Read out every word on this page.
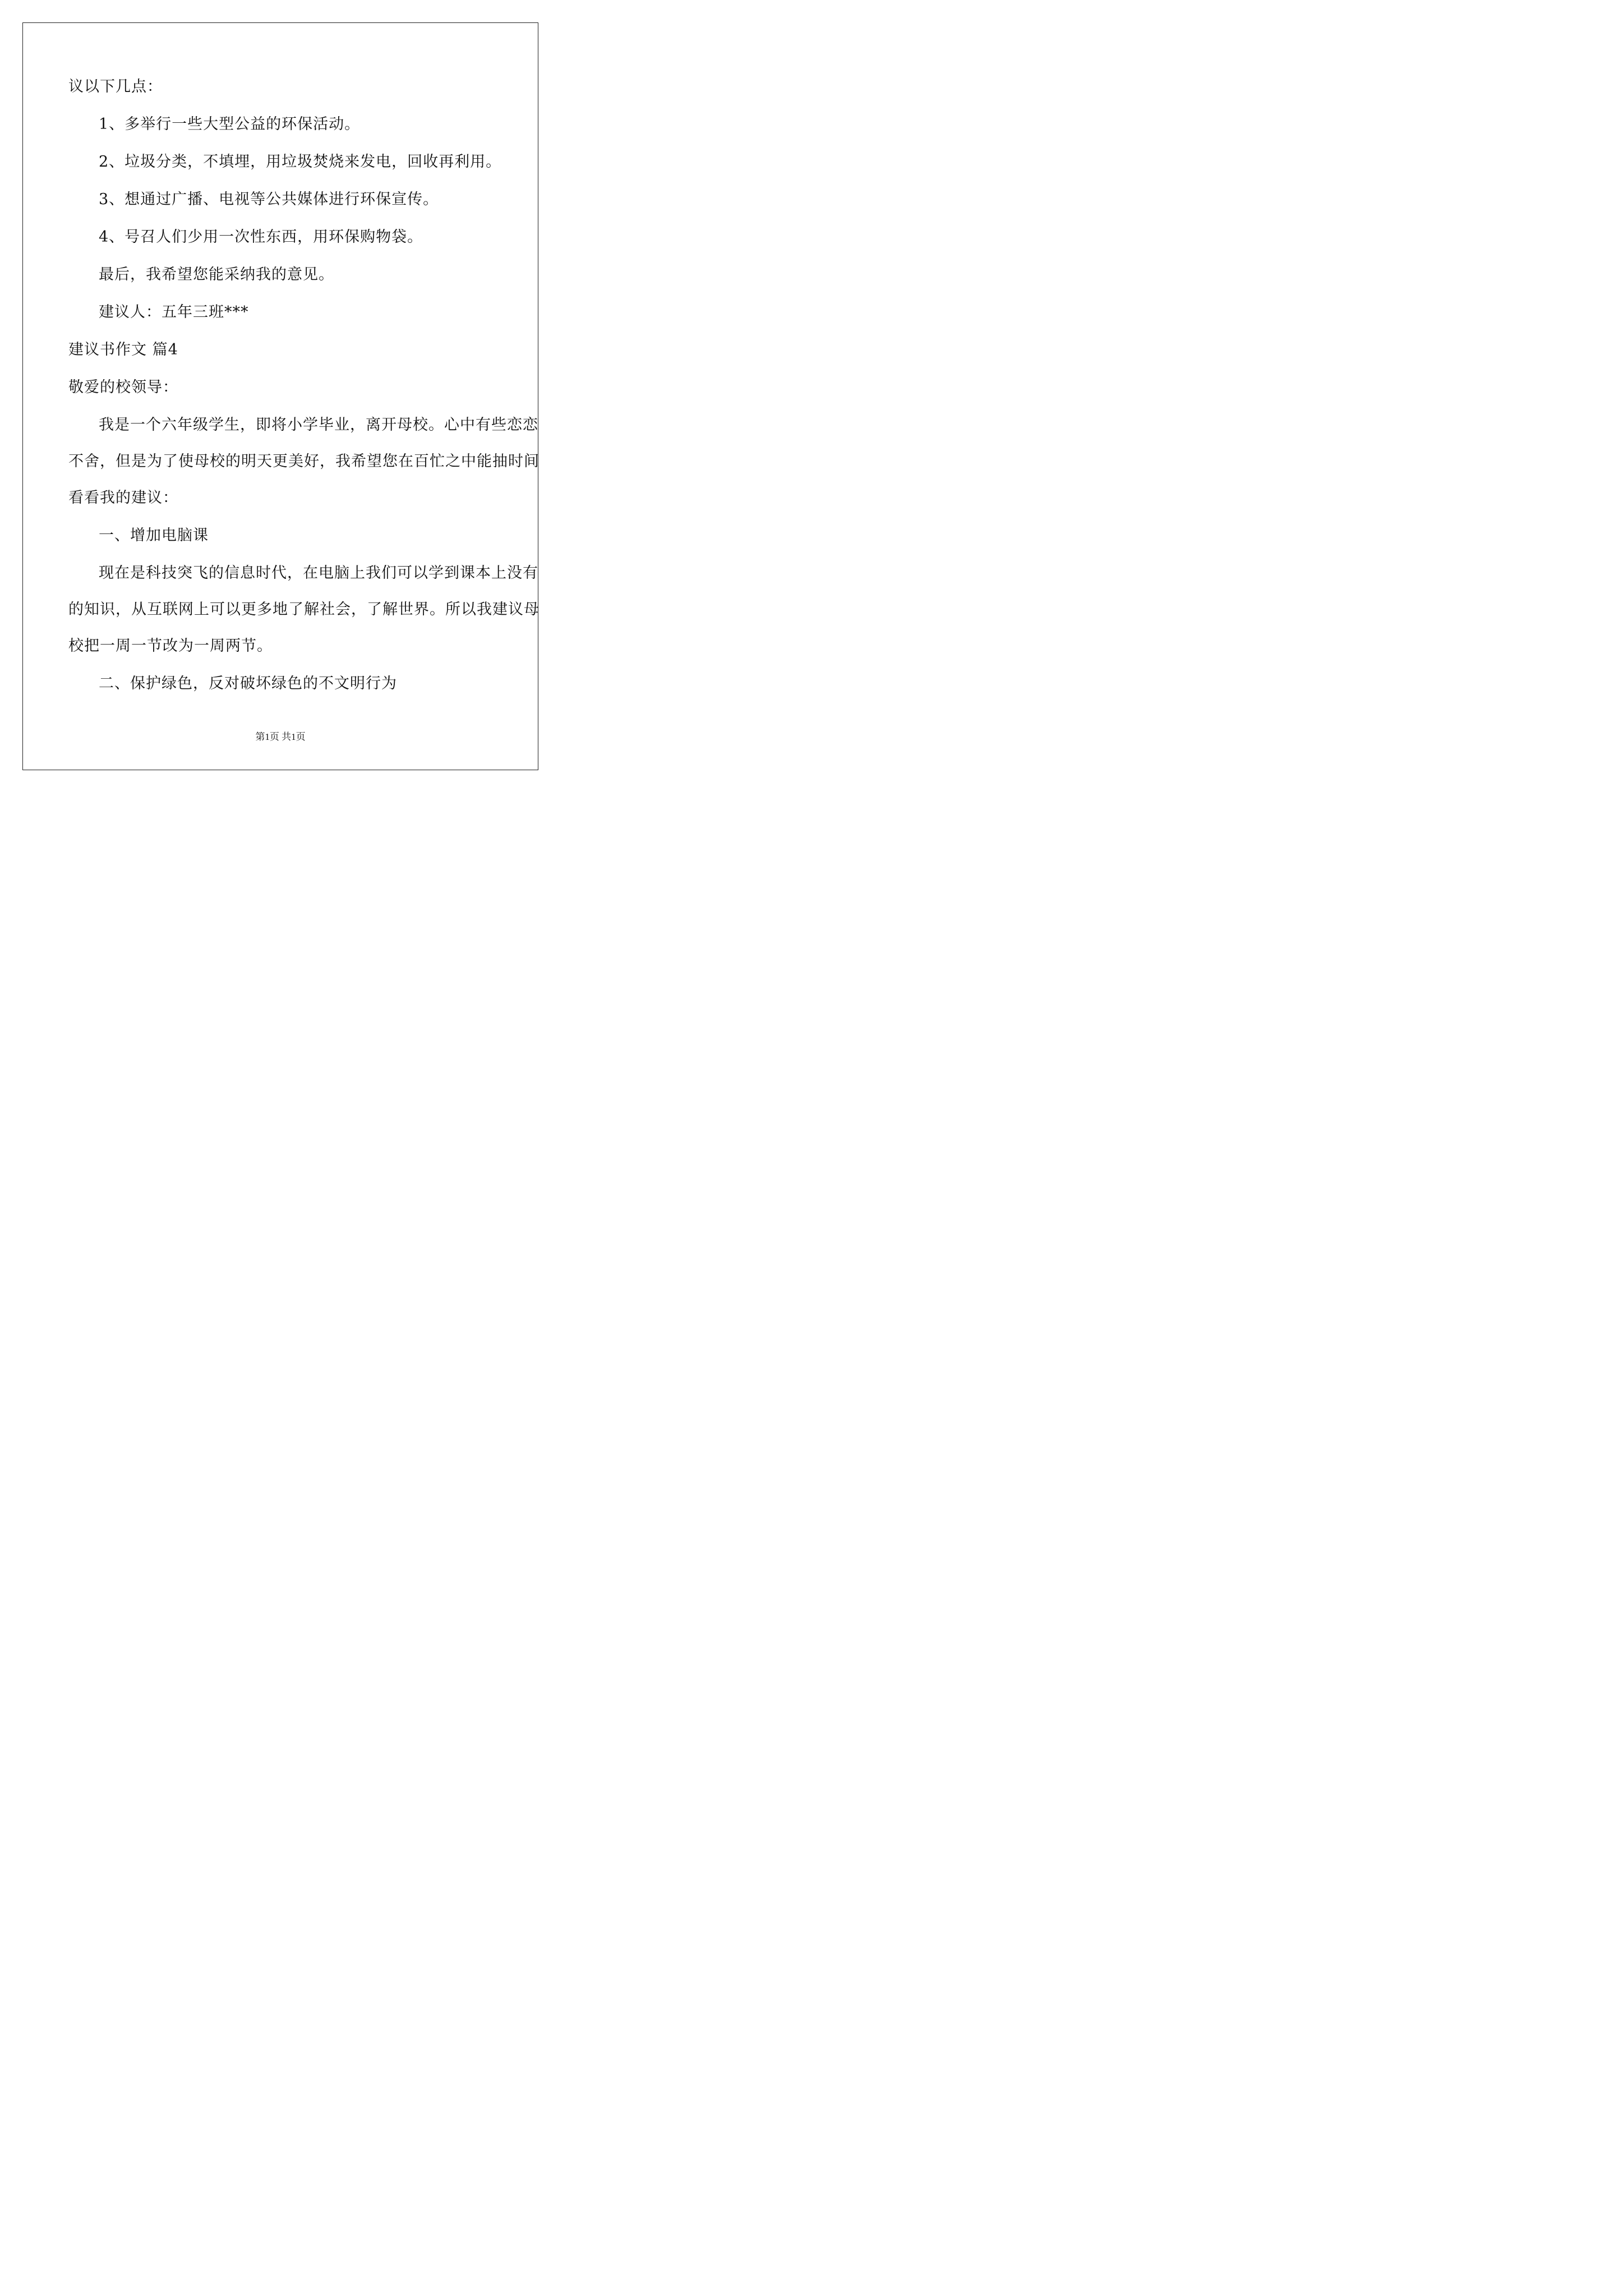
议以下几点：
1、多举行一些大型公益的环保活动。
2、垃圾分类，不填埋，用垃圾焚烧来发电，回收再利用。
3、想通过广播、电视等公共媒体进行环保宣传。
4、号召人们少用一次性东西，用环保购物袋。
最后，我希望您能采纳我的意见。
建议人：五年三班***
建议书作文 篇4
敬爱的校领导：
我是一个六年级学生，即将小学毕业，离开母校。心中有些恋恋
不舍，但是为了使母校的明天更美好，我希望您在百忙之中能抽时间
看看我的建议：
一、增加电脑课
现在是科技突飞的信息时代，在电脑上我们可以学到课本上没有
的知识，从互联网上可以更多地了解社会，了解世界。所以我建议母
校把一周一节改为一周两节。
二、保护绿色，反对破坏绿色的不文明行为
第1页 共1页
